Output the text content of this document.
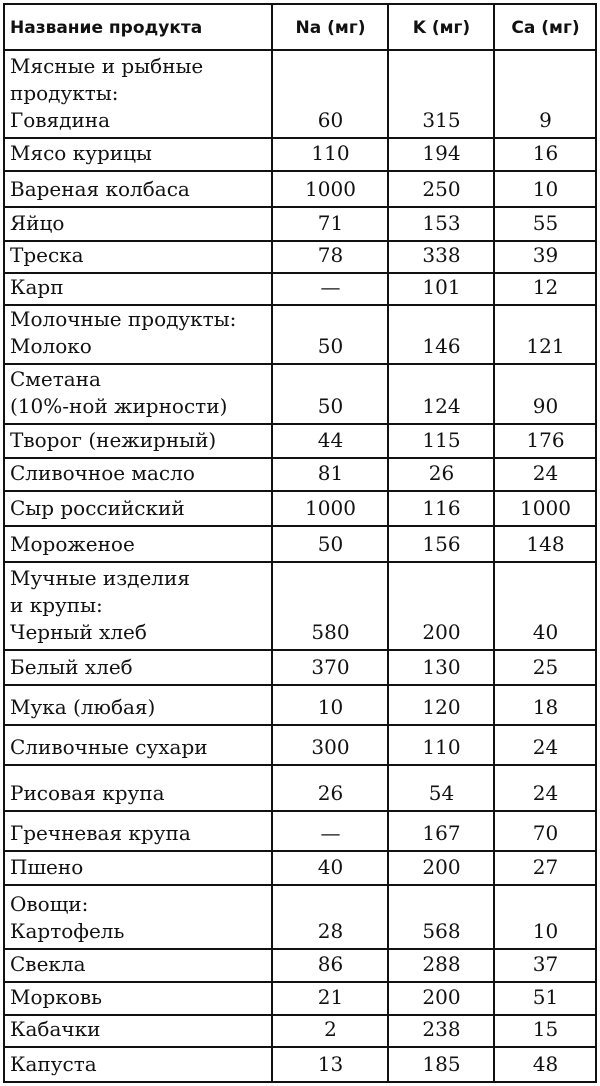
Название продукта	Na (мг)	K (мг)	Ca (мг)

Мясные и рыбные
продукты:
Говядина	60	315	9

Мясо курицы	110	194	16

Вареная колбаса	1000	250	10

Яйцо	71	153	55

Треска	78	338	39

Карп	—	101	12

Молочные продукты:
Молоко	50	146	121

Сметана
(10%-ной жирности)	50	124	90

Творог (нежирный)	44	115	176

Сливочное масло	81	26	24

Сыр российский	1000	116	1000

Мороженое	50	156	148

Мучные изделия
и крупы:
Черный хлеб	580	200	40

Белый хлеб	370	130	25

Мука (любая)	10	120	18

Сливочные сухари	300	110	24

Рисовая крупа	26	54	24

Гречневая крупа	—	167	70

Пшено	40	200	27

Овощи:
Картофель	28	568	10

Свекла	86	288	37

Морковь	21	200	51

Кабачки	2	238	15

Капуста	13	185	48
